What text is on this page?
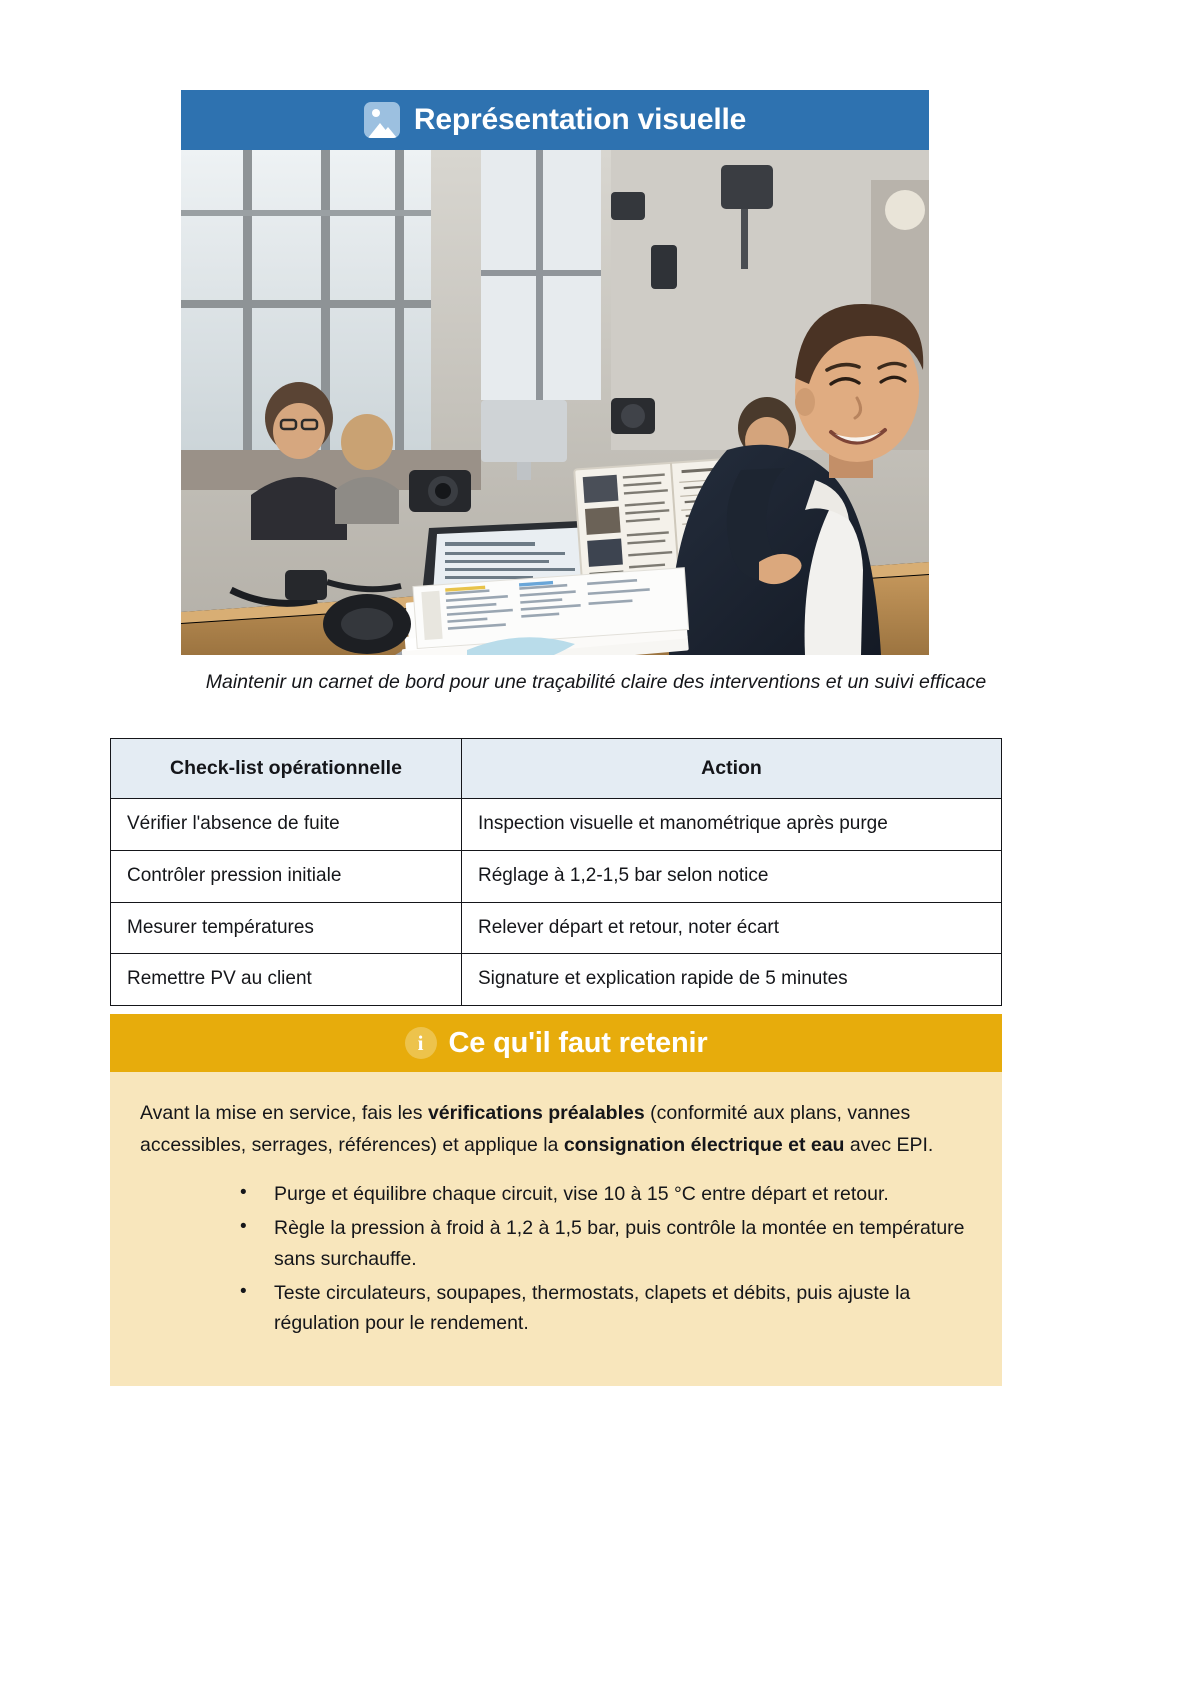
Représentation visuelle
Maintenir un carnet de bord pour une traçabilité claire des interventions et un suivi efficace
Check-list opérationnelle	Action
Vérifier l'absence de fuite	Inspection visuelle et manométrique après purge
Contrôler pression initiale	Réglage à 1,2-1,5 bar selon notice
Mesurer températures	Relever départ et retour, noter écart
Remettre PV au client	Signature et explication rapide de 5 minutes
i Ce qu'il faut retenir

Avant la mise en service, fais les vérifications préalables (conformité aux plans, vannes accessibles, serrages, références) et applique la consignation électrique et eau avec EPI.

• Purge et équilibre chaque circuit, vise 10 à 15 °C entre départ et retour.
• Règle la pression à froid à 1,2 à 1,5 bar, puis contrôle la montée en température sans surchauffe.
• Teste circulateurs, soupapes, thermostats, clapets et débits, puis ajuste la régulation pour le rendement.
